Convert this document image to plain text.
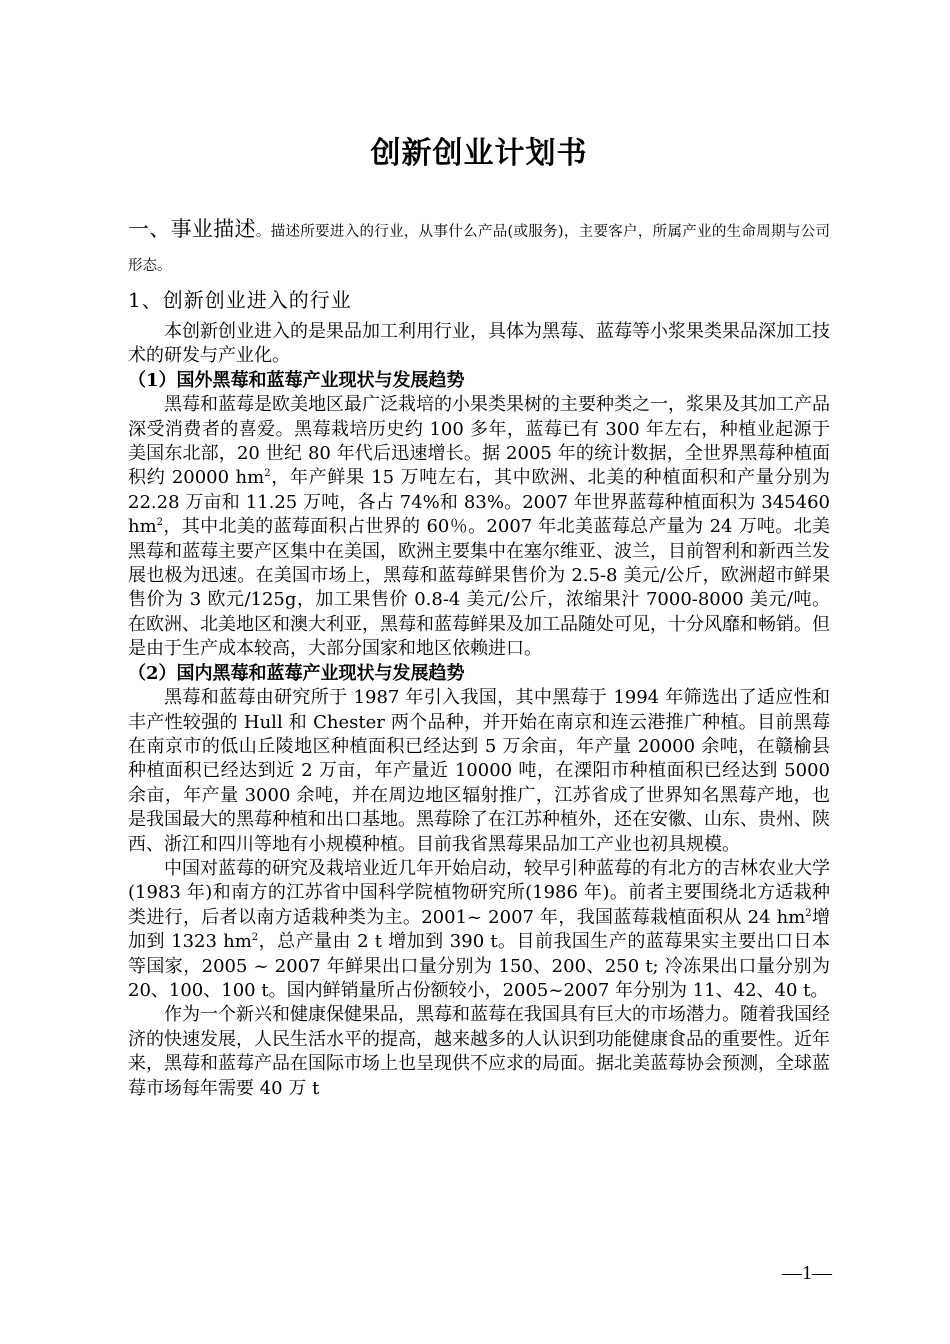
创新创业计划书
一、事业描述。描述所要进入的行业，从事什么产品(或服务)，主要客户，所属产业的生命周期与公司形态。
1、创新创业进入的行业

本创新创业进入的是果品加工利用行业，具体为黑莓、蓝莓等小浆果类果品深加工技术的研发与产业化。

（1）国外黑莓和蓝莓产业现状与发展趋势

黑莓和蓝莓是欧美地区最广泛栽培的小果类果树的主要种类之一，浆果及其加工产品深受消费者的喜爱。黑莓栽培历史约 100 多年，蓝莓已有 300 年左右，种植业起源于美国东北部，20 世纪 80 年代后迅速增长。据 2005 年的统计数据，全世界黑莓种植面积约 20000 $hm^2$，年产鲜果 15 万吨左右，其中欧洲、北美的种植面积和产量分别为 22.28 万亩和 11.25 万吨，各占 74%和 83%。2007 年世界蓝莓种植面积为 345460 $hm^2$，其中北美的蓝莓面积占世界的 60％。2007 年北美蓝莓总产量为 24 万吨。北美黑莓和蓝莓主要产区集中在美国，欧洲主要集中在塞尔维亚、波兰，目前智利和新西兰发展也极为迅速。在美国市场上，黑莓和蓝莓鲜果售价为 2.5-8 美元/公斤，欧洲超市鲜果售价为 3 欧元/125g，加工果售价 0.8-4 美元/公斤，浓缩果汁 7000-8000 美元/吨。在欧洲、北美地区和澳大利亚，黑莓和蓝莓鲜果及加工品随处可见，十分风靡和畅销。但是由于生产成本较高，大部分国家和地区依赖进口。

（2）国内黑莓和蓝莓产业现状与发展趋势

黑莓和蓝莓由研究所于 1987 年引入我国，其中黑莓于 1994 年筛选出了适应性和丰产性较强的 Hull 和 Chester 两个品种，并开始在南京和连云港推广种植。目前黑莓在南京市的低山丘陵地区种植面积已经达到 5 万余亩，年产量 20000 余吨，在赣榆县种植面积已经达到近 2 万亩，年产量近 10000 吨，在溧阳市种植面积已经达到 5000 余亩，年产量 3000 余吨，并在周边地区辐射推广，江苏省成了世界知名黑莓产地，也是我国最大的黑莓种植和出口基地。黑莓除了在江苏种植外，还在安徽、山东、贵州、陕西、浙江和四川等地有小规模种植。目前我省黑莓果品加工产业也初具规模。

中国对蓝莓的研究及栽培业近几年开始启动，较早引种蓝莓的有北方的吉林农业大学(1983 年)和南方的江苏省中国科学院植物研究所(1986 年)。前者主要围绕北方适栽种类进行，后者以南方适栽种类为主。2001~ 2007 年，我国蓝莓栽植面积从 24 $hm^2$增加到 1323 $hm^2$，总产量由 2 t 增加到 390 t。目前我国生产的蓝莓果实主要出口日本等国家，2005 ~ 2007 年鲜果出口量分别为 150、200、250 t; 冷冻果出口量分别为 20、100、100 t。国内鲜销量所占份额较小，2005~2007 年分别为 11、42、40 t。

作为一个新兴和健康保健果品，黑莓和蓝莓在我国具有巨大的市场潜力。随着我国经济的快速发展，人民生活水平的提高，越来越多的人认识到功能健康食品的重要性。近年来，黑莓和蓝莓产品在国际市场上也呈现供不应求的局面。据北美蓝莓协会预测，全球蓝莓市场每年需要 40 万 t

—1—
